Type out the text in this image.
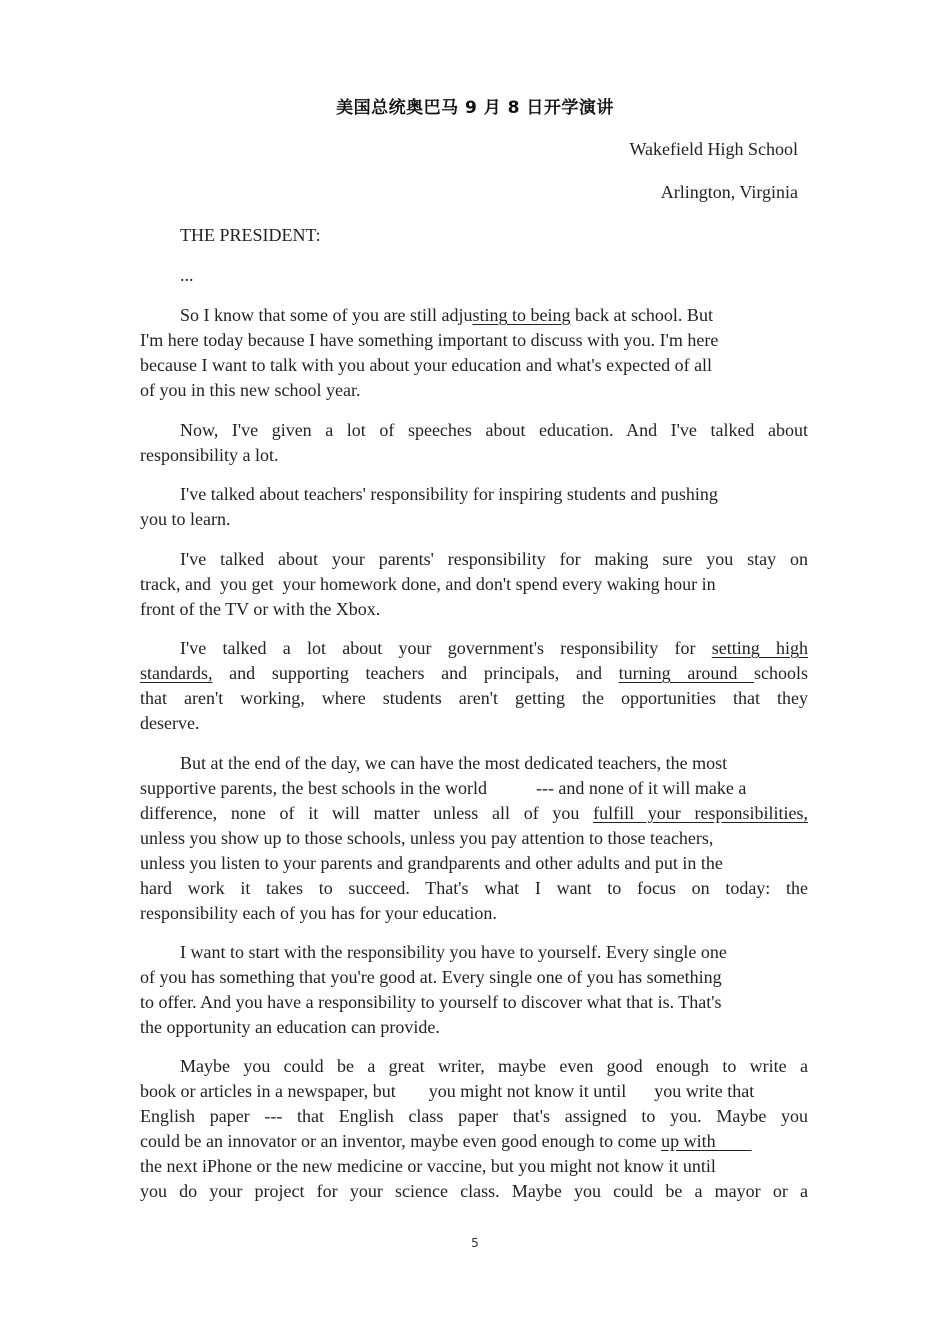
美国总统奥巴马 9 月 8 日开学演讲
Wakefield High School
Arlington, Virginia
THE PRESIDENT:
...
So I know that some of you are still adjusting to being back at school. But
I'm here today because I have something important to discuss with you. I'm here
because I want to talk with you about your education and what's expected of all
of you in this new school year.
Now, I've given a lot of speeches about education. And I've talked about
responsibility a lot.
I've talked about teachers' responsibility for inspiring students and pushing
you to learn.
I've talked about your parents' responsibility for making sure you stay on
track, and  you get  your homework done, and don't spend every waking hour in
front of the TV or with the Xbox.
I've talked a lot about your government's responsibility for setting high
standards, and supporting teachers and principals, and turning around schools
that aren't working, where students aren't getting the opportunities that they
deserve.
But at the end of the day, we can have the most dedicated teachers, the most
supportive parents, the best schools in the world	--- and none of it will make a
difference, none of it will matter unless all of you fulfill your responsibilities,
unless you show up to those schools, unless you pay attention to those teachers,
unless you listen to your parents and grandparents and other adults and put in the
hard work it takes to succeed. That's what I want to focus on today: the
responsibility each of you has for your education.
I want to start with the responsibility you have to yourself. Every single one
of you has something that you're good at. Every single one of you has something
to offer. And you have a responsibility to yourself to discover what that is. That's
the opportunity an education can provide.
Maybe you could be a great writer, maybe even good enough to write a
book or articles in a newspaper, but you might not know it until you write that
English paper --- that English class paper that's assigned to you. Maybe you
could be an innovator or an inventor, maybe even good enough to come up with
the next iPhone or the new medicine or vaccine, but you might not know it until
you do your project for your science class. Maybe you could be a mayor or a
5
